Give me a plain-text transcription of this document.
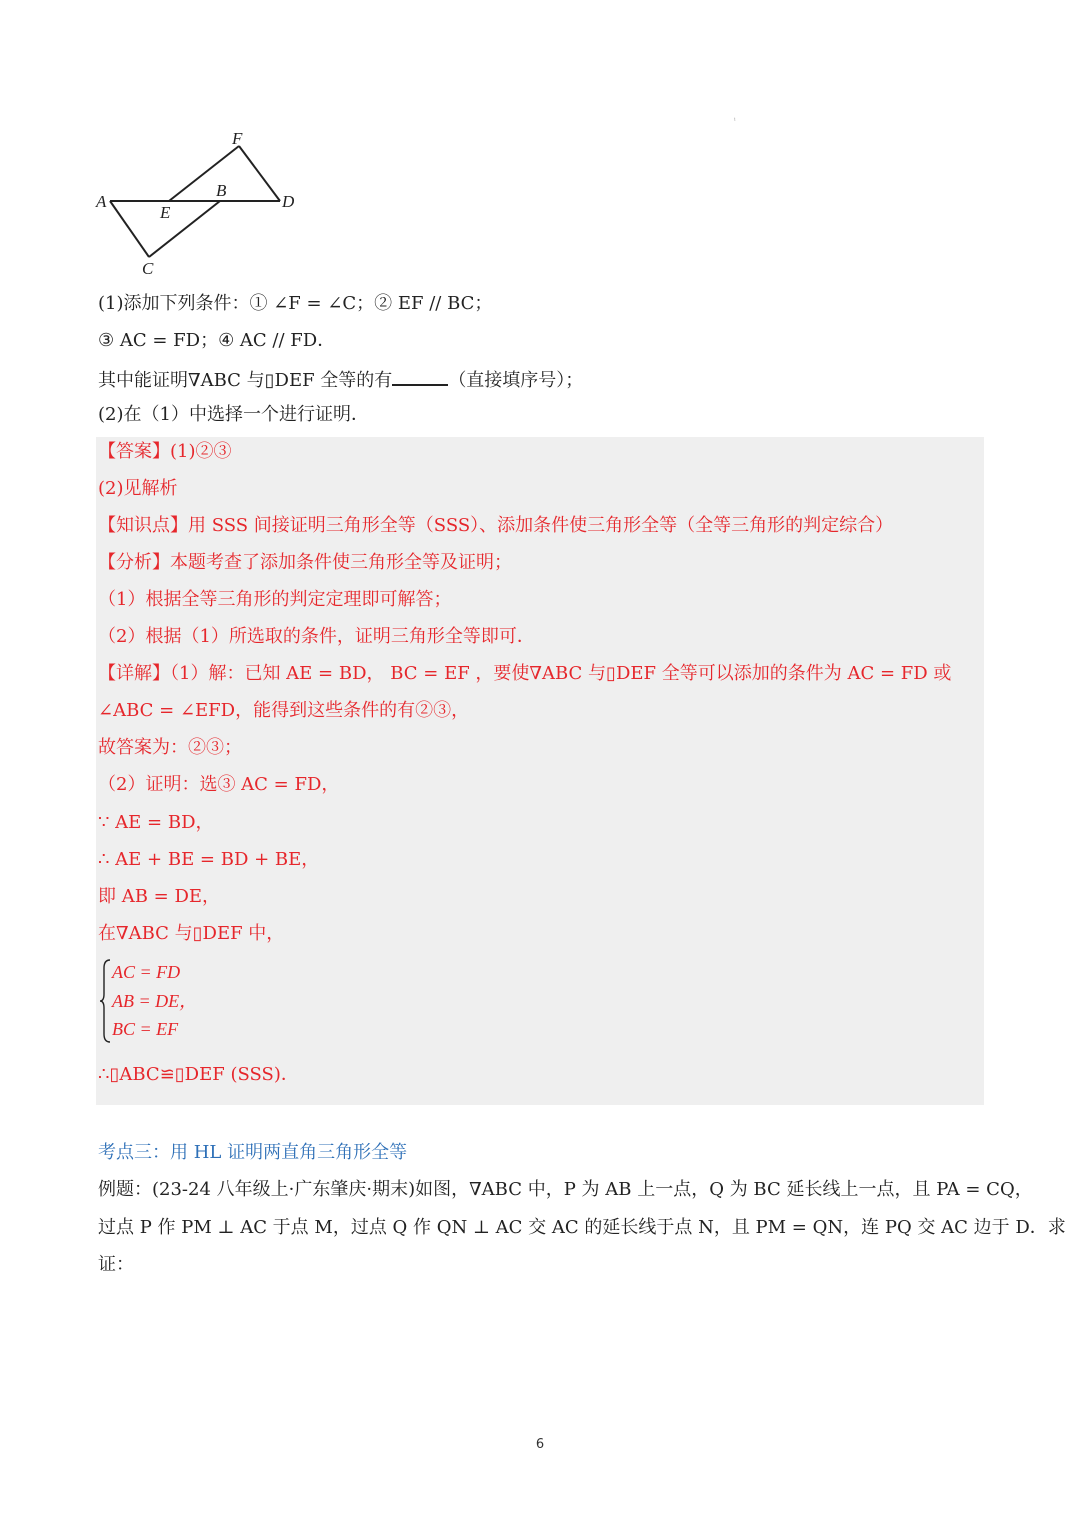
ⁱ
F
A
B
E
D
C
(1)添加下列条件：① ∠F = ∠C；② EF // BC；
③ AC = FD；④ AC // FD．
其中能证明∇ABC 与▯DEF 全等的有	（直接填序号）；
(2)在（1）中选择一个进行证明．
【答案】(1)②③
(2)见解析
【知识点】用 SSS 间接证明三角形全等（SSS）、添加条件使三角形全等（全等三角形的判定综合）
【分析】本题考查了添加条件使三角形全等及证明；
（1）根据全等三角形的判定定理即可解答；
（2）根据（1）所选取的条件，证明三角形全等即可．
【详解】（1）解：已知 AE = BD， BC = EF ，要使∇ABC 与▯DEF 全等可以添加的条件为 AC = FD 或
∠ABC = ∠EFD，能得到这些条件的有②③，
故答案为：②③；
（2）证明：选③ AC = FD，
∵ AE = BD，
∴ AE + BE = BD + BE，
即 AB = DE，
在∇ABC 与▯DEF 中，
AC = FD
AB = DE，
BC = EF
∴▯ABC≌▯DEF (SSS)．
考点三：用 HL 证明两直角三角形全等
例题：(23-24 八年级上·广东肇庆·期末)如图，∇ABC 中，P 为 AB 上一点，Q 为 BC 延长线上一点，且 PA = CQ，
过点 P 作 PM ⊥ AC 于点 M，过点 Q 作 QN ⊥ AC 交 AC 的延长线于点 N，且 PM = QN，连 PQ 交 AC 边于 D．求
证：
6
